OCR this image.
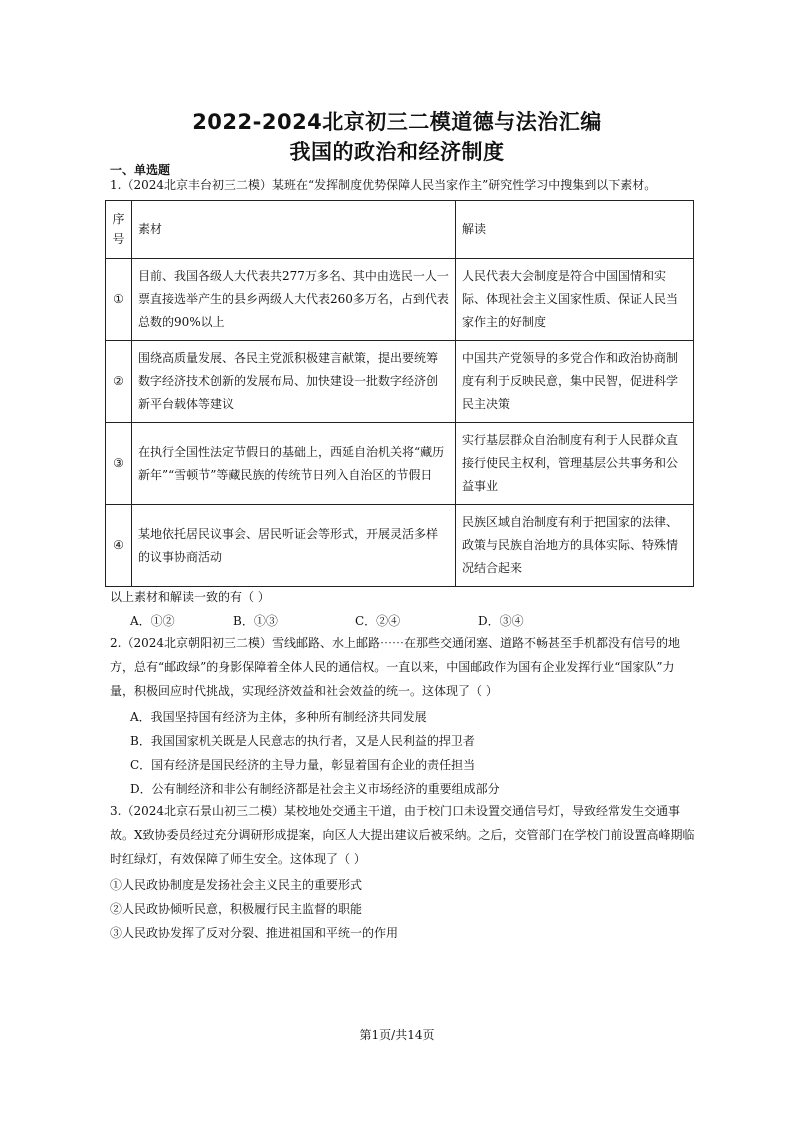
2022-2024北京初三二模道德与法治汇编
我国的政治和经济制度
一、单选题
1.（2024北京丰台初三二模）某班在“发挥制度优势保障人民当家作主”研究性学习中搜集到以下素材。
序号	素材	解读
①	目前、我国各级人大代表共277万多名、其中由选民一人一票直接选举产生的县乡两级人大代表260多万名，占到代表总数的90%以上	人民代表大会制度是符合中国国情和实际、体现社会主义国家性质、保证人民当家作主的好制度
②	围绕高质量发展、各民主党派积极建言献策，提出要统筹数字经济技术创新的发展布局、加快建设一批数字经济创新平台载体等建议	中国共产党领导的多党合作和政治协商制度有利于反映民意，集中民智，促进科学民主决策
③	在执行全国性法定节假日的基础上，西延自治机关将“藏历新年”“雪顿节”等藏民族的传统节日列入自治区的节假日	实行基层群众自治制度有利于人民群众直接行使民主权利，管理基层公共事务和公益事业
④	某地依托居民议事会、居民听证会等形式，开展灵活多样的议事协商活动	民族区域自治制度有利于把国家的法律、政策与民族自治地方的具体实际、特殊情况结合起来
以上素材和解读一致的有（ ）
A．①②	B．①③	C．②④	D．③④
2.（2024北京朝阳初三二模）雪线邮路、水上邮路⋯⋯在那些交通闭塞、道路不畅甚至手机都没有信号的地方，总有“邮政绿”的身影保障着全体人民的通信权。一直以来，中国邮政作为国有企业发挥行业“国家队”力量，积极回应时代挑战，实现经济效益和社会效益的统一。这体现了（ ）
A．我国坚持国有经济为主体，多种所有制经济共同发展
B．我国国家机关既是人民意志的执行者，又是人民利益的捍卫者
C．国有经济是国民经济的主导力量，彰显着国有企业的责任担当
D．公有制经济和非公有制经济都是社会主义市场经济的重要组成部分
3.（2024北京石景山初三二模）某校地处交通主干道，由于校门口未设置交通信号灯，导致经常发生交通事故。X致协委员经过充分调研形成提案，向区人大提出建议后被采纳。之后，交管部门在学校门前设置高峰期临时红绿灯，有效保障了师生安全。这体现了（ ）
①人民政协制度是发扬社会主义民主的重要形式
②人民政协倾听民意，积极履行民主监督的职能
③人民政协发挥了反对分裂、推进祖国和平统一的作用
第1页/共14页
